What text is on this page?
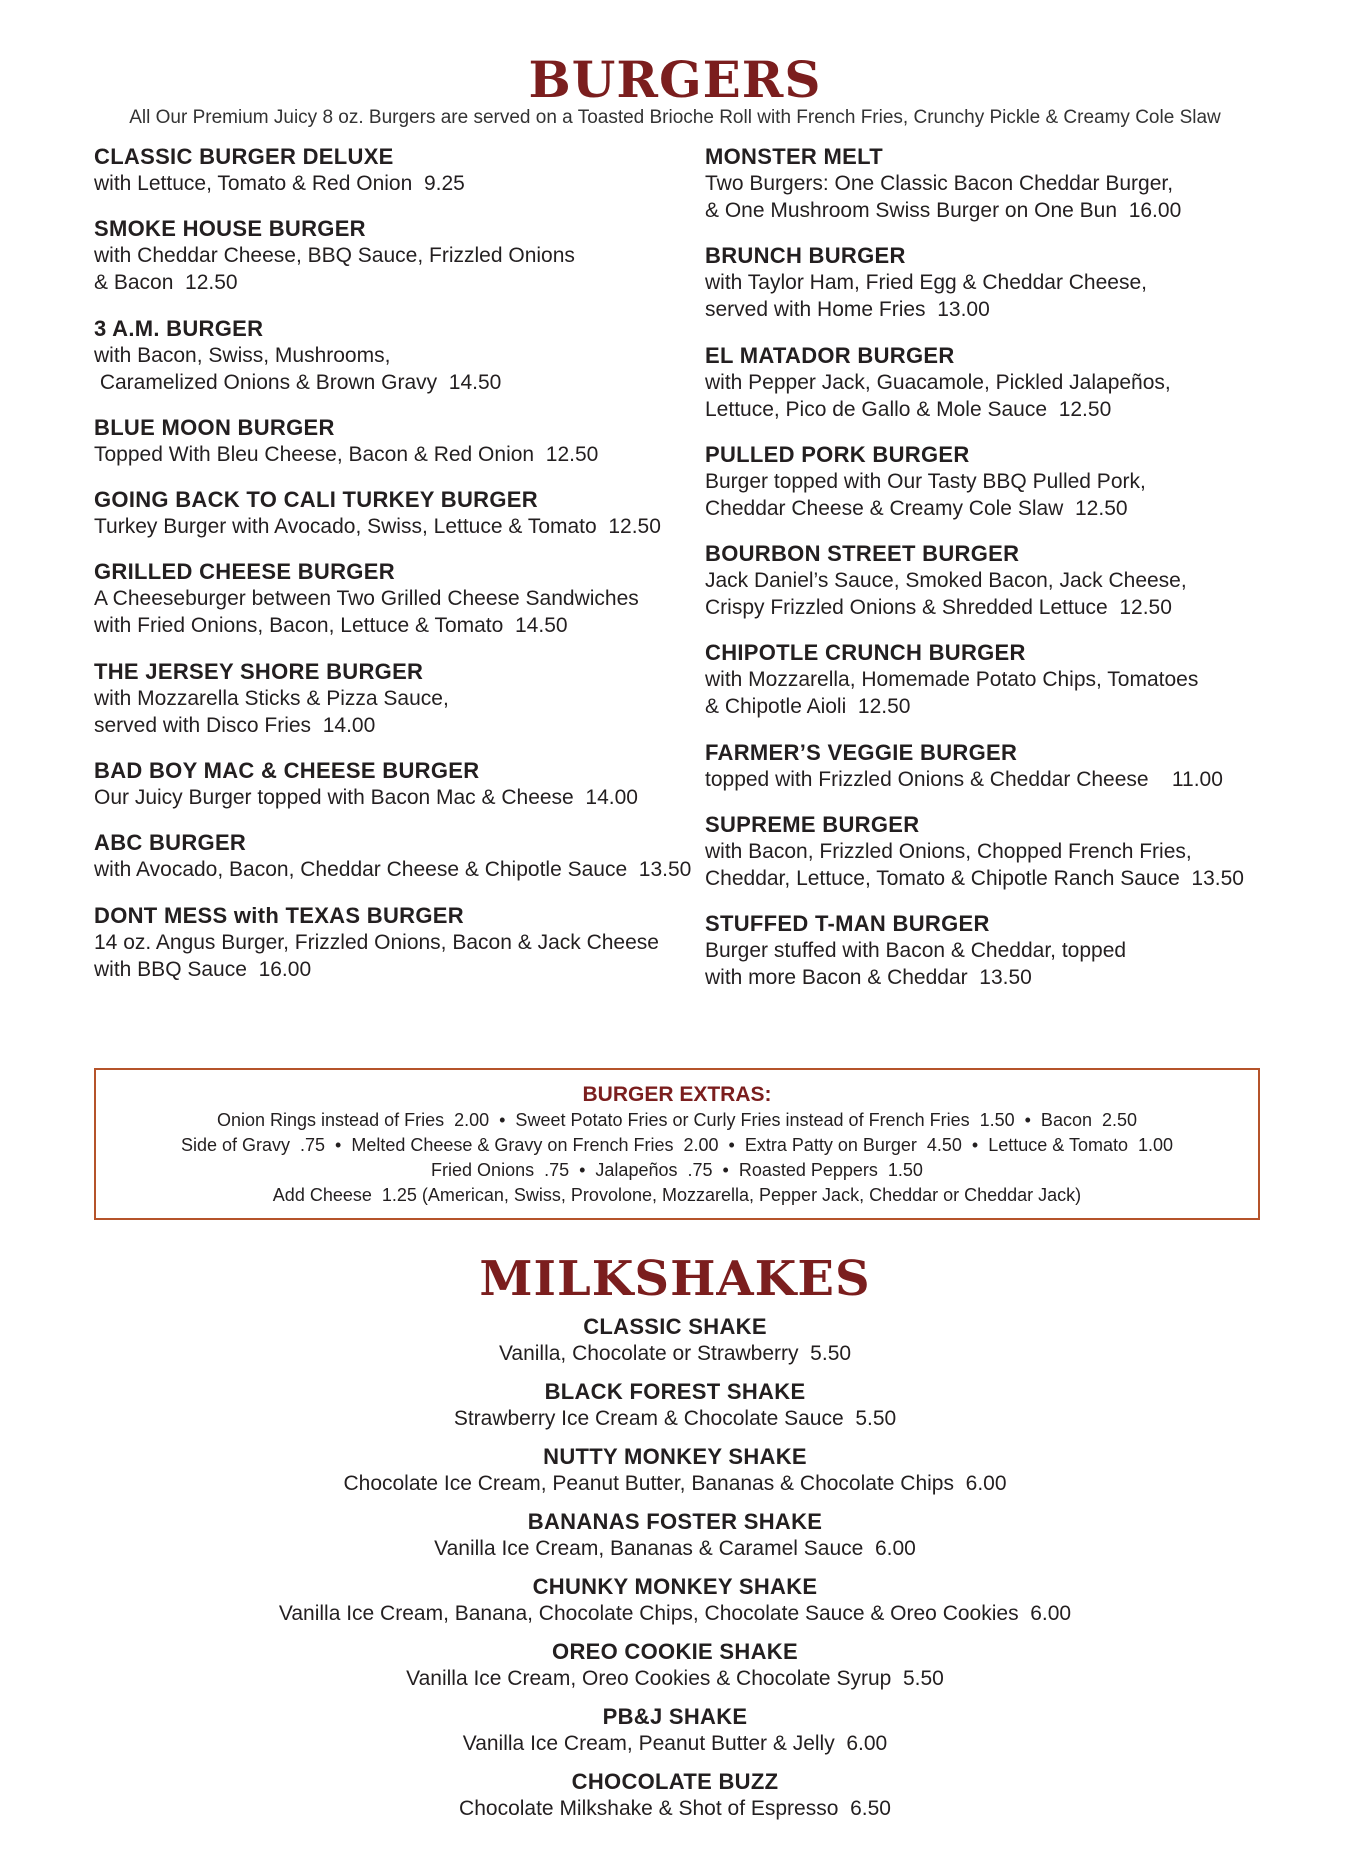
BURGERS
All Our Premium Juicy 8 oz. Burgers are served on a Toasted Brioche Roll with French Fries, Crunchy Pickle & Creamy Cole Slaw
CLASSIC BURGER DELUXE
with Lettuce, Tomato & Red Onion  9.25
SMOKE HOUSE BURGER
with Cheddar Cheese, BBQ Sauce, Frizzled Onions
& Bacon  12.50
3 A.M. BURGER
with Bacon, Swiss, Mushrooms,
Caramelized Onions & Brown Gravy  14.50
BLUE MOON BURGER
Topped With Bleu Cheese, Bacon & Red Onion  12.50
GOING BACK TO CALI TURKEY BURGER
Turkey Burger with Avocado, Swiss, Lettuce & Tomato  12.50
GRILLED CHEESE BURGER
A Cheeseburger between Two Grilled Cheese Sandwiches
with Fried Onions, Bacon, Lettuce & Tomato  14.50
THE JERSEY SHORE BURGER
with Mozzarella Sticks & Pizza Sauce,
served with Disco Fries  14.00
BAD BOY MAC & CHEESE BURGER
Our Juicy Burger topped with Bacon Mac & Cheese  14.00
ABC BURGER
with Avocado, Bacon, Cheddar Cheese & Chipotle Sauce  13.50
DONT MESS with TEXAS BURGER
14 oz. Angus Burger, Frizzled Onions, Bacon & Jack Cheese
with BBQ Sauce  16.00
MONSTER MELT
Two Burgers: One Classic Bacon Cheddar Burger,
& One Mushroom Swiss Burger on One Bun  16.00
BRUNCH BURGER
with Taylor Ham, Fried Egg & Cheddar Cheese,
served with Home Fries  13.00
EL MATADOR BURGER
with Pepper Jack, Guacamole, Pickled Jalapeños,
Lettuce, Pico de Gallo & Mole Sauce  12.50
PULLED PORK BURGER
Burger topped with Our Tasty BBQ Pulled Pork,
Cheddar Cheese & Creamy Cole Slaw  12.50
BOURBON STREET BURGER
Jack Daniel’s Sauce, Smoked Bacon, Jack Cheese,
Crispy Frizzled Onions & Shredded Lettuce  12.50
CHIPOTLE CRUNCH BURGER
with Mozzarella, Homemade Potato Chips, Tomatoes
& Chipotle Aioli  12.50
FARMER’S VEGGIE BURGER
topped with Frizzled Onions & Cheddar Cheese    11.00
SUPREME BURGER
with Bacon, Frizzled Onions, Chopped French Fries,
Cheddar, Lettuce, Tomato & Chipotle Ranch Sauce  13.50
STUFFED T-MAN BURGER
Burger stuffed with Bacon & Cheddar, topped
with more Bacon & Cheddar  13.50
BURGER EXTRAS:
Onion Rings instead of Fries  2.00  •  Sweet Potato Fries or Curly Fries instead of French Fries  1.50  •  Bacon  2.50
Side of Gravy  .75  •  Melted Cheese & Gravy on French Fries  2.00  •  Extra Patty on Burger  4.50  •  Lettuce & Tomato  1.00
Fried Onions  .75  •  Jalapeños  .75  •  Roasted Peppers  1.50
Add Cheese  1.25 (American, Swiss, Provolone, Mozzarella, Pepper Jack, Cheddar or Cheddar Jack)
MILKSHAKES
CLASSIC SHAKE
Vanilla, Chocolate or Strawberry  5.50
BLACK FOREST SHAKE
Strawberry Ice Cream & Chocolate Sauce  5.50
NUTTY MONKEY SHAKE
Chocolate Ice Cream, Peanut Butter, Bananas & Chocolate Chips  6.00
BANANAS FOSTER SHAKE
Vanilla Ice Cream, Bananas & Caramel Sauce  6.00
CHUNKY MONKEY SHAKE
Vanilla Ice Cream, Banana, Chocolate Chips, Chocolate Sauce & Oreo Cookies  6.00
OREO COOKIE SHAKE
Vanilla Ice Cream, Oreo Cookies & Chocolate Syrup  5.50
PB&J SHAKE
Vanilla Ice Cream, Peanut Butter & Jelly  6.00
CHOCOLATE BUZZ
Chocolate Milkshake & Shot of Espresso  6.50
